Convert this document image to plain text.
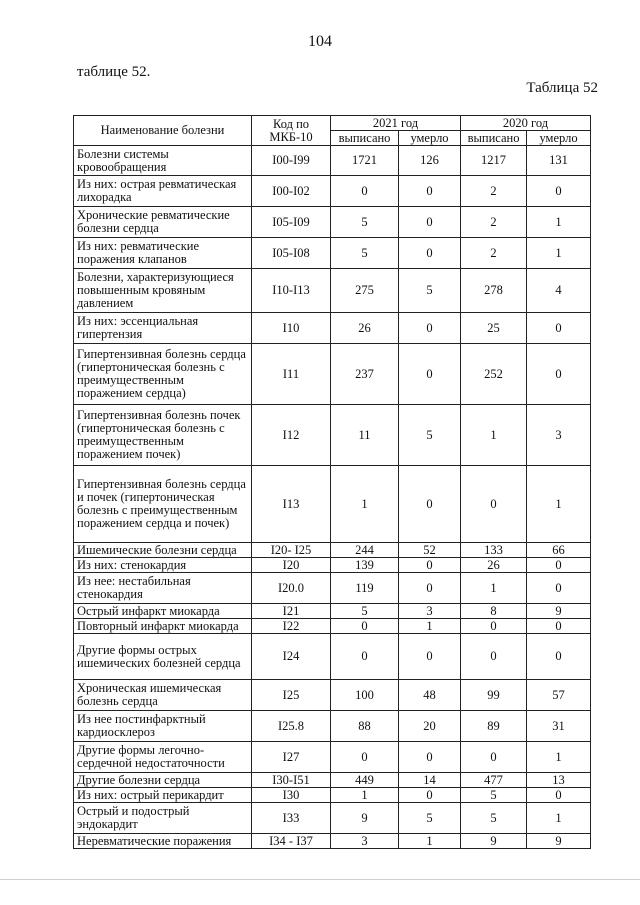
104
таблице 52.
Таблица 52
Наименование болезни	Код по МКБ-10	2021 год		2020 год	
		выписано	умерло	выписано	умерло
Болезни системы кровообращения	I00-I99	1721	126	1217	131
Из них: острая ревматическая лихорадка	I00-I02	0	0	2	0
Хронические ревматические болезни сердца	I05-I09	5	0	2	1
Из них: ревматические поражения клапанов	I05-I08	5	0	2	1
Болезни, характеризующиеся повышенным кровяным давлением	I10-I13	275	5	278	4
Из них: эссенциальная гипертензия	I10	26	0	25	0
Гипертензивная болезнь сердца (гипертоническая болезнь с преимущественным поражением сердца)	I11	237	0	252	0
Гипертензивная болезнь почек (гипертоническая болезнь с преимущественным поражением почек)	I12	11	5	1	3
Гипертензивная болезнь сердца и почек (гипертоническая болезнь с преимущественным поражением сердца и почек)	I13	1	0	0	1
Ишемические болезни сердца	I20- I25	244	52	133	66
Из них: стенокардия	I20	139	0	26	0
Из нее: нестабильная стенокардия	I20.0	119	0	1	0
Острый инфаркт миокарда	I21	5	3	8	9
Повторный инфаркт миокарда	I22	0	1	0	0
Другие формы острых ишемических болезней сердца	I24	0	0	0	0
Хроническая ишемическая болезнь сердца	I25	100	48	99	57
Из нее постинфарктный кардиосклероз	I25.8	88	20	89	31
Другие формы легочно-сердечной недостаточности	I27	0	0	0	1
Другие болезни сердца	I30-I51	449	14	477	13
Из них: острый перикардит	I30	1	0	5	0
Острый и подострый эндокардит	I33	9	5	5	1
Неревматические поражения	I34 - I37	3	1	9	9
